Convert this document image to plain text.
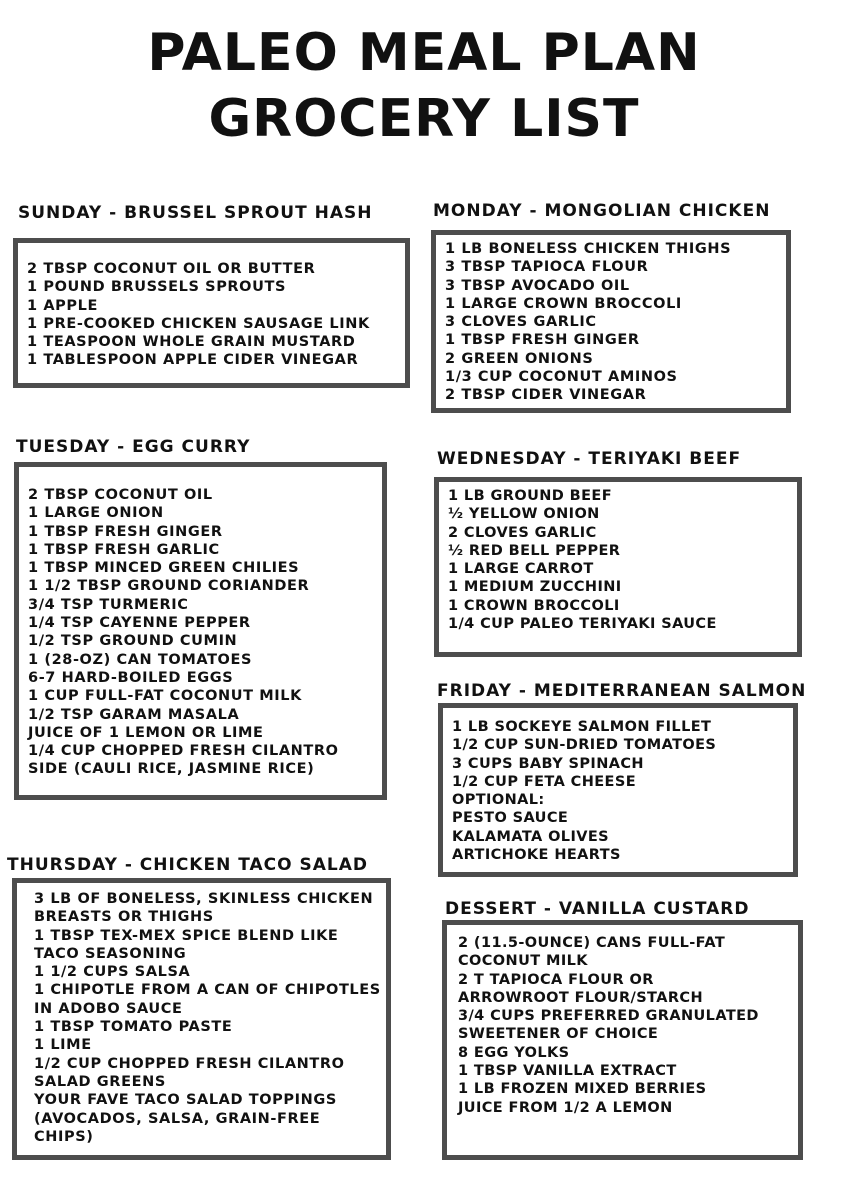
PALEO MEAL PLAN
GROCERY LIST
SUNDAY - BRUSSEL SPROUT HASH
2 TBSP COCONUT OIL OR BUTTER
1 POUND BRUSSELS SPROUTS
1 APPLE
1 PRE-COOKED CHICKEN SAUSAGE LINK
1 TEASPOON WHOLE GRAIN MUSTARD
1 TABLESPOON APPLE CIDER VINEGAR
MONDAY - MONGOLIAN CHICKEN
1 LB BONELESS CHICKEN THIGHS
3 TBSP TAPIOCA FLOUR
3 TBSP AVOCADO OIL
1 LARGE CROWN BROCCOLI
3 CLOVES GARLIC
1 TBSP FRESH GINGER
2 GREEN ONIONS
1/3 CUP COCONUT AMINOS
2 TBSP CIDER VINEGAR
TUESDAY - EGG CURRY
2 TBSP COCONUT OIL
1 LARGE ONION
1 TBSP FRESH GINGER
1 TBSP FRESH GARLIC
1 TBSP MINCED GREEN CHILIES
1 1/2 TBSP GROUND CORIANDER
3/4 TSP TURMERIC
1/4 TSP CAYENNE PEPPER
1/2 TSP GROUND CUMIN
1 (28-OZ) CAN TOMATOES
6-7 HARD-BOILED EGGS
1 CUP FULL-FAT COCONUT MILK
1/2 TSP GARAM MASALA
JUICE OF 1 LEMON OR LIME
1/4 CUP CHOPPED FRESH CILANTRO
SIDE (CAULI RICE, JASMINE RICE)
WEDNESDAY - TERIYAKI BEEF
1 LB GROUND BEEF
½ YELLOW ONION
2 CLOVES GARLIC
½ RED BELL PEPPER
1 LARGE CARROT
1 MEDIUM ZUCCHINI
1 CROWN BROCCOLI
1/4 CUP PALEO TERIYAKI SAUCE
FRIDAY - MEDITERRANEAN SALMON
1 LB SOCKEYE SALMON FILLET
1/2 CUP SUN-DRIED TOMATOES
3 CUPS BABY SPINACH
1/2 CUP FETA CHEESE
OPTIONAL:
PESTO SAUCE
KALAMATA OLIVES
ARTICHOKE HEARTS
THURSDAY - CHICKEN TACO SALAD
3 LB OF BONELESS, SKINLESS CHICKEN
BREASTS OR THIGHS
1 TBSP TEX-MEX SPICE BLEND LIKE
TACO SEASONING
1 1/2 CUPS SALSA
1 CHIPOTLE FROM A CAN OF CHIPOTLES
IN ADOBO SAUCE
1 TBSP TOMATO PASTE
1 LIME
1/2 CUP CHOPPED FRESH CILANTRO
SALAD GREENS
YOUR FAVE TACO SALAD TOPPINGS
(AVOCADOS, SALSA, GRAIN-FREE
CHIPS)
DESSERT - VANILLA CUSTARD
2 (11.5-OUNCE) CANS FULL-FAT
COCONUT MILK
2 T TAPIOCA FLOUR OR
ARROWROOT FLOUR/STARCH
3/4 CUPS PREFERRED GRANULATED
SWEETENER OF CHOICE
8 EGG YOLKS
1 TBSP VANILLA EXTRACT
1 LB FROZEN MIXED BERRIES
JUICE FROM 1/2 A LEMON
